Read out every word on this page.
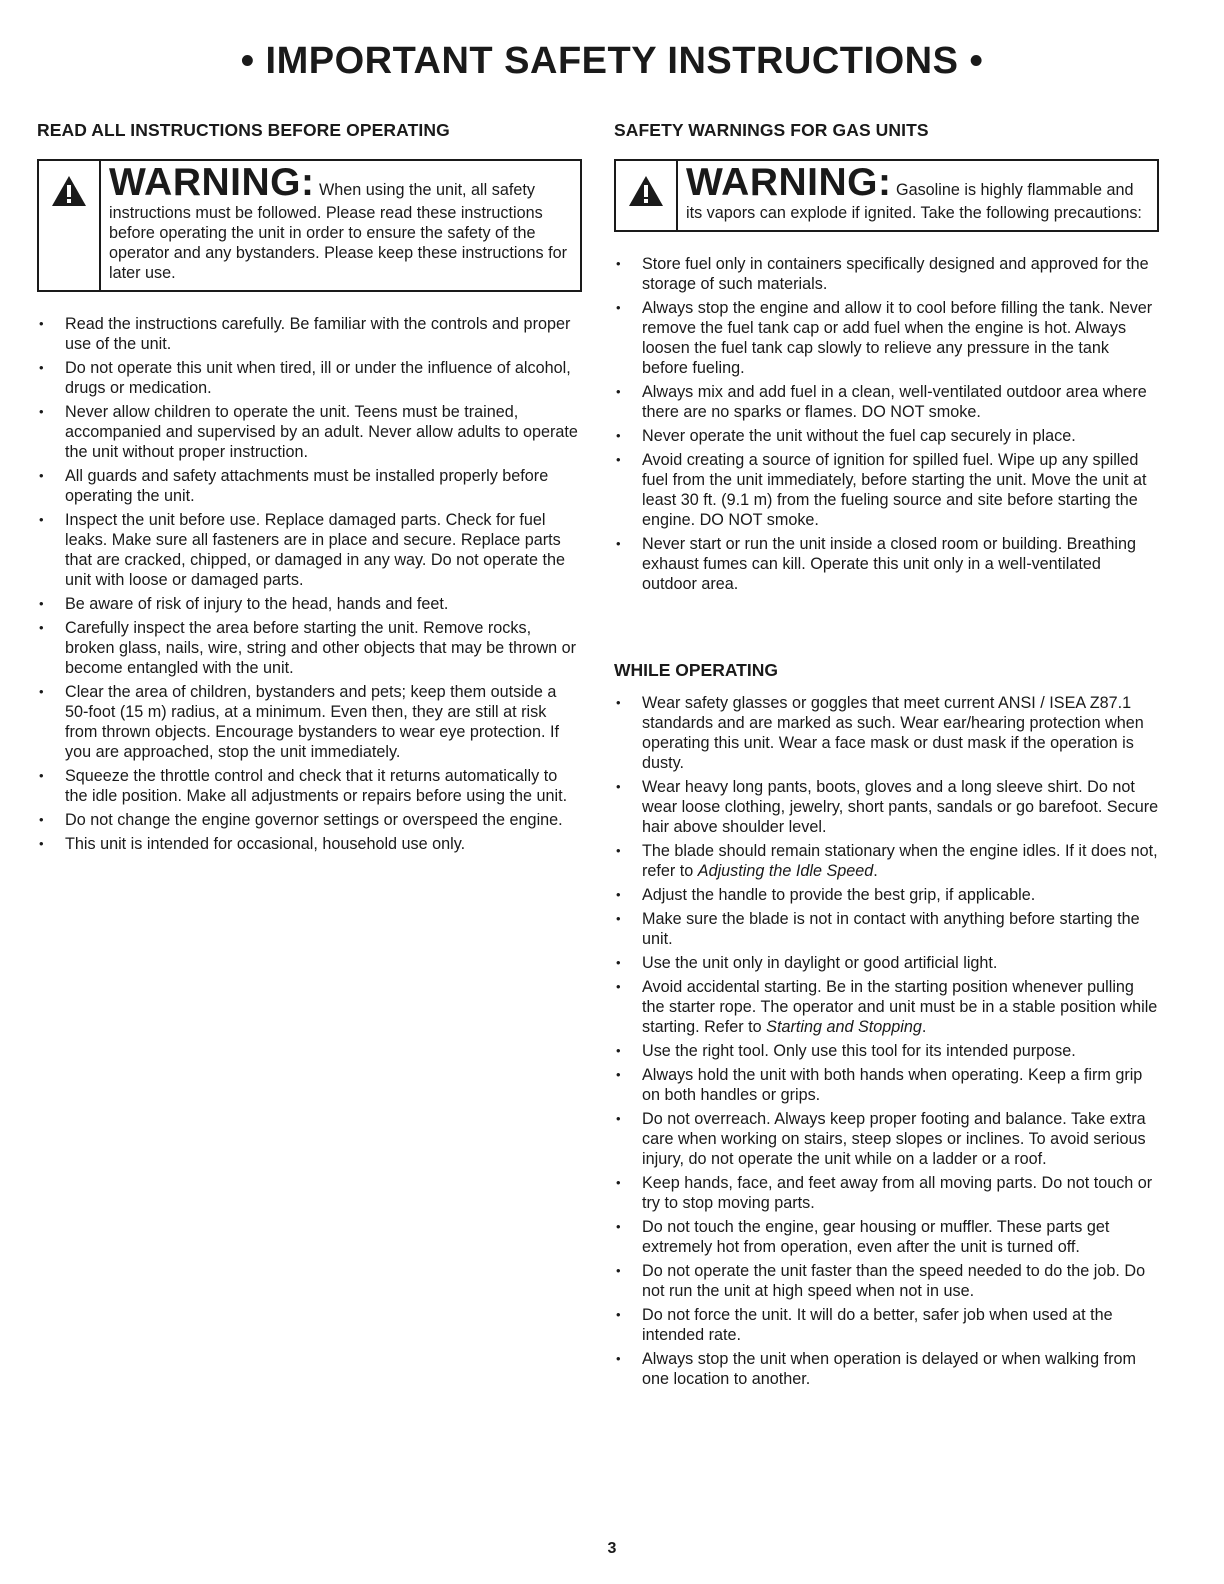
• IMPORTANT SAFETY INSTRUCTIONS •
READ ALL INSTRUCTIONS BEFORE OPERATING
WARNING: When using the unit, all safety instructions must be followed. Please read these instructions before operating the unit in order to ensure the safety of the operator and any bystanders. Please keep these instructions for later use.
• Read the instructions carefully. Be familiar with the controls and proper use of the unit.
• Do not operate this unit when tired, ill or under the influence of alcohol, drugs or medication.
• Never allow children to operate the unit. Teens must be trained, accompanied and supervised by an adult. Never allow adults to operate the unit without proper instruction.
• All guards and safety attachments must be installed properly before operating the unit.
• Inspect the unit before use. Replace damaged parts. Check for fuel leaks. Make sure all fasteners are in place and secure. Replace parts that are cracked, chipped, or damaged in any way. Do not operate the unit with loose or damaged parts.
• Be aware of risk of injury to the head, hands and feet.
• Carefully inspect the area before starting the unit. Remove rocks, broken glass, nails, wire, string and other objects that may be thrown or become entangled with the unit.
• Clear the area of children, bystanders and pets; keep them outside a 50-foot (15 m) radius, at a minimum. Even then, they are still at risk from thrown objects. Encourage bystanders to wear eye protection. If you are approached, stop the unit immediately.
• Squeeze the throttle control and check that it returns automatically to the idle position. Make all adjustments or repairs before using the unit.
• Do not change the engine governor settings or overspeed the engine.
• This unit is intended for occasional, household use only.
SAFETY WARNINGS FOR GAS UNITS
WARNING: Gasoline is highly flammable and its vapors can explode if ignited. Take the following precautions:
• Store fuel only in containers specifically designed and approved for the storage of such materials.
• Always stop the engine and allow it to cool before filling the tank. Never remove the fuel tank cap or add fuel when the engine is hot. Always loosen the fuel tank cap slowly to relieve any pressure in the tank before fueling.
• Always mix and add fuel in a clean, well-ventilated outdoor area where there are no sparks or flames. DO NOT smoke.
• Never operate the unit without the fuel cap securely in place.
• Avoid creating a source of ignition for spilled fuel. Wipe up any spilled fuel from the unit immediately, before starting the unit. Move the unit at least 30 ft. (9.1 m) from the fueling source and site before starting the engine. DO NOT smoke.
• Never start or run the unit inside a closed room or building. Breathing exhaust fumes can kill. Operate this unit only in a well-ventilated outdoor area.
WHILE OPERATING
• Wear safety glasses or goggles that meet current ANSI / ISEA Z87.1 standards and are marked as such. Wear ear/hearing protection when operating this unit. Wear a face mask or dust mask if the operation is dusty.
• Wear heavy long pants, boots, gloves and a long sleeve shirt. Do not wear loose clothing, jewelry, short pants, sandals or go barefoot. Secure hair above shoulder level.
• The blade should remain stationary when the engine idles. If it does not, refer to Adjusting the Idle Speed.
• Adjust the handle to provide the best grip, if applicable.
• Make sure the blade is not in contact with anything before starting the unit.
• Use the unit only in daylight or good artificial light.
• Avoid accidental starting. Be in the starting position whenever pulling the starter rope. The operator and unit must be in a stable position while starting. Refer to Starting and Stopping.
• Use the right tool. Only use this tool for its intended purpose.
• Always hold the unit with both hands when operating. Keep a firm grip on both handles or grips.
• Do not overreach. Always keep proper footing and balance. Take extra care when working on stairs, steep slopes or inclines. To avoid serious injury, do not operate the unit while on a ladder or a roof.
• Keep hands, face, and feet away from all moving parts. Do not touch or try to stop moving parts.
• Do not touch the engine, gear housing or muffler. These parts get extremely hot from operation, even after the unit is turned off.
• Do not operate the unit faster than the speed needed to do the job. Do not run the unit at high speed when not in use.
• Do not force the unit. It will do a better, safer job when used at the intended rate.
• Always stop the unit when operation is delayed or when walking from one location to another.
3
